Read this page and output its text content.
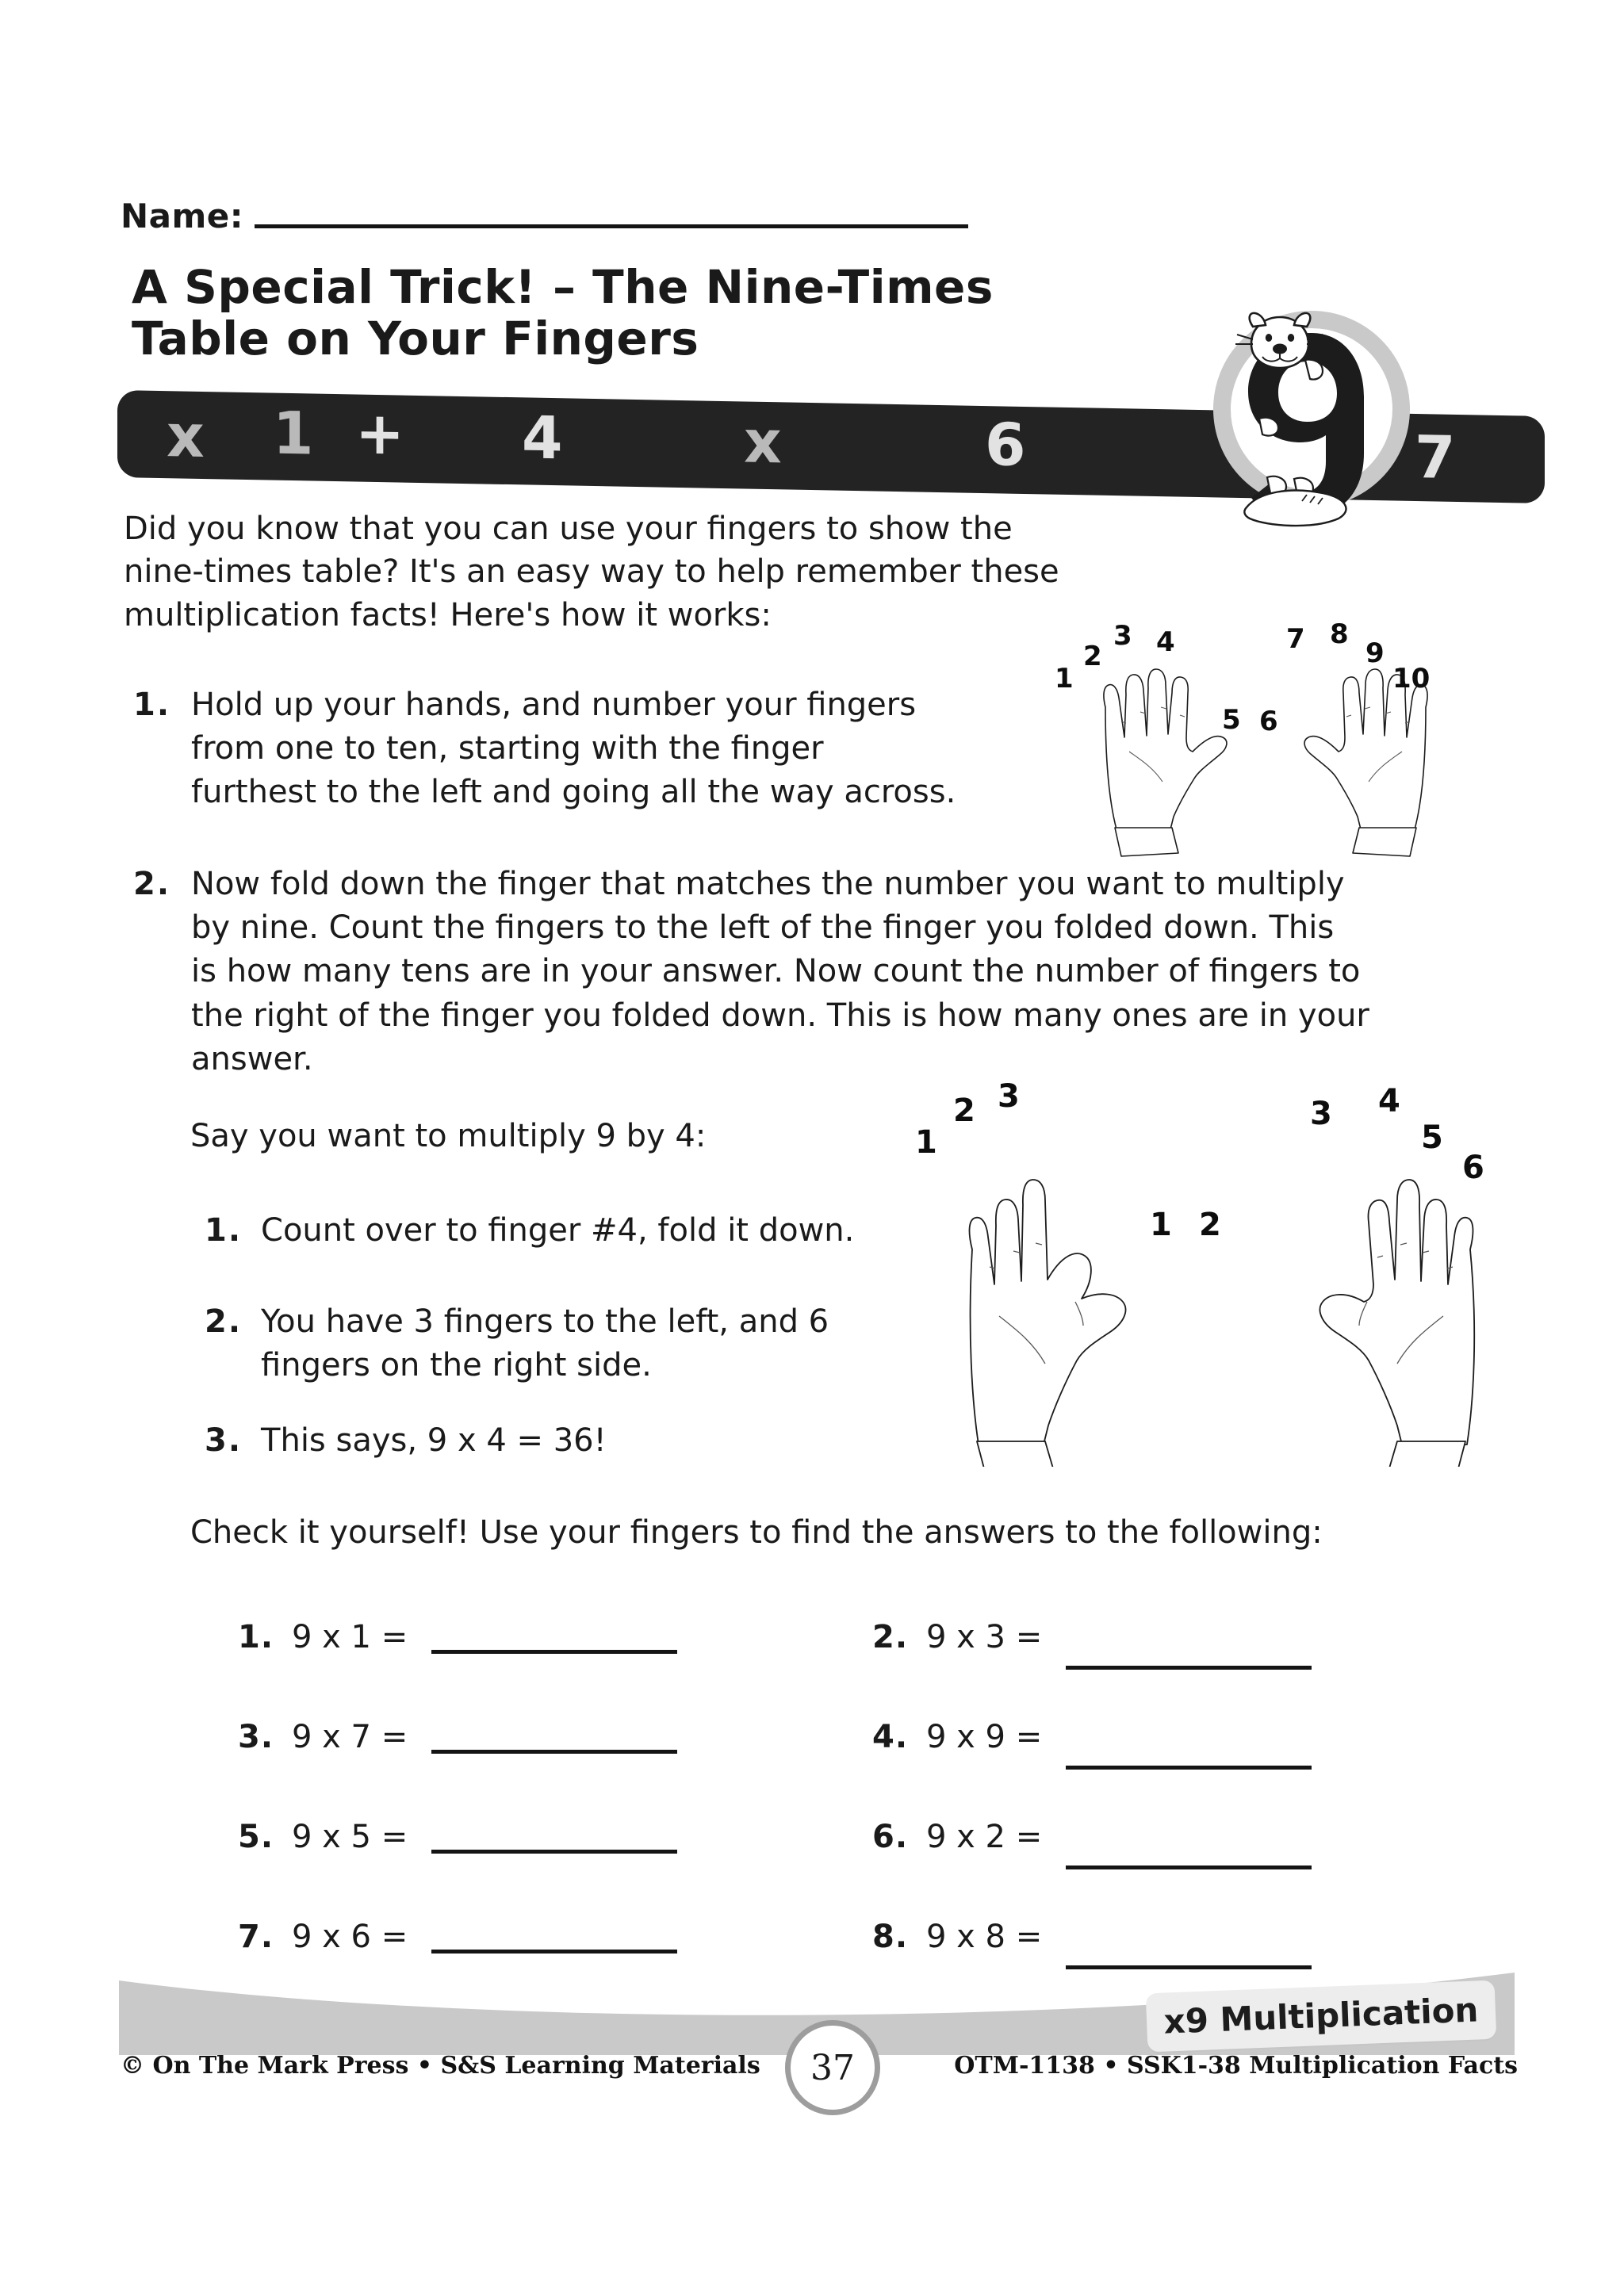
Name:
A Special Trick! – The Nine-Times
Table on Your Fingers
x 1 + 4	x	6	7
Did you know that you can use your fingers to show the
nine-times table? It's an easy way to help remember these
multiplication facts! Here's how it works:
1. Hold up your hands, and number your fingers
from one to ten, starting with the finger
furthest to the left and going all the way across.
1
2
3 4
5 6
7 8
9
10
2. Now fold down the finger that matches the number you want to multiply
by nine. Count the fingers to the left of the finger you folded down. This
is how many tens are in your answer. Now count the number of fingers to
the right of the finger you folded down. This is how many ones are in your
answer.
Say you want to multiply 9 by 4:	1
2 3
1 2
3 4
5
6
1. Count over to finger #4, fold it down.
2. You have 3 fingers to the left, and 6
fingers on the right side.
3. This says, 9 x 4 = 36!
Check it yourself! Use your fingers to find the answers to the following:
1. 9 x 1 =	2. 9 x 3 =
3. 9 x 7 =	4. 9 x 9 =
5. 9 x 5 =	6. 9 x 2 =
7. 9 x 6 =	8. 9 x 8 =
x9 Multiplication
37
© On The Mark Press • S&S Learning Materials	OTM-1138 • SSK1-38 Multiplication Facts
